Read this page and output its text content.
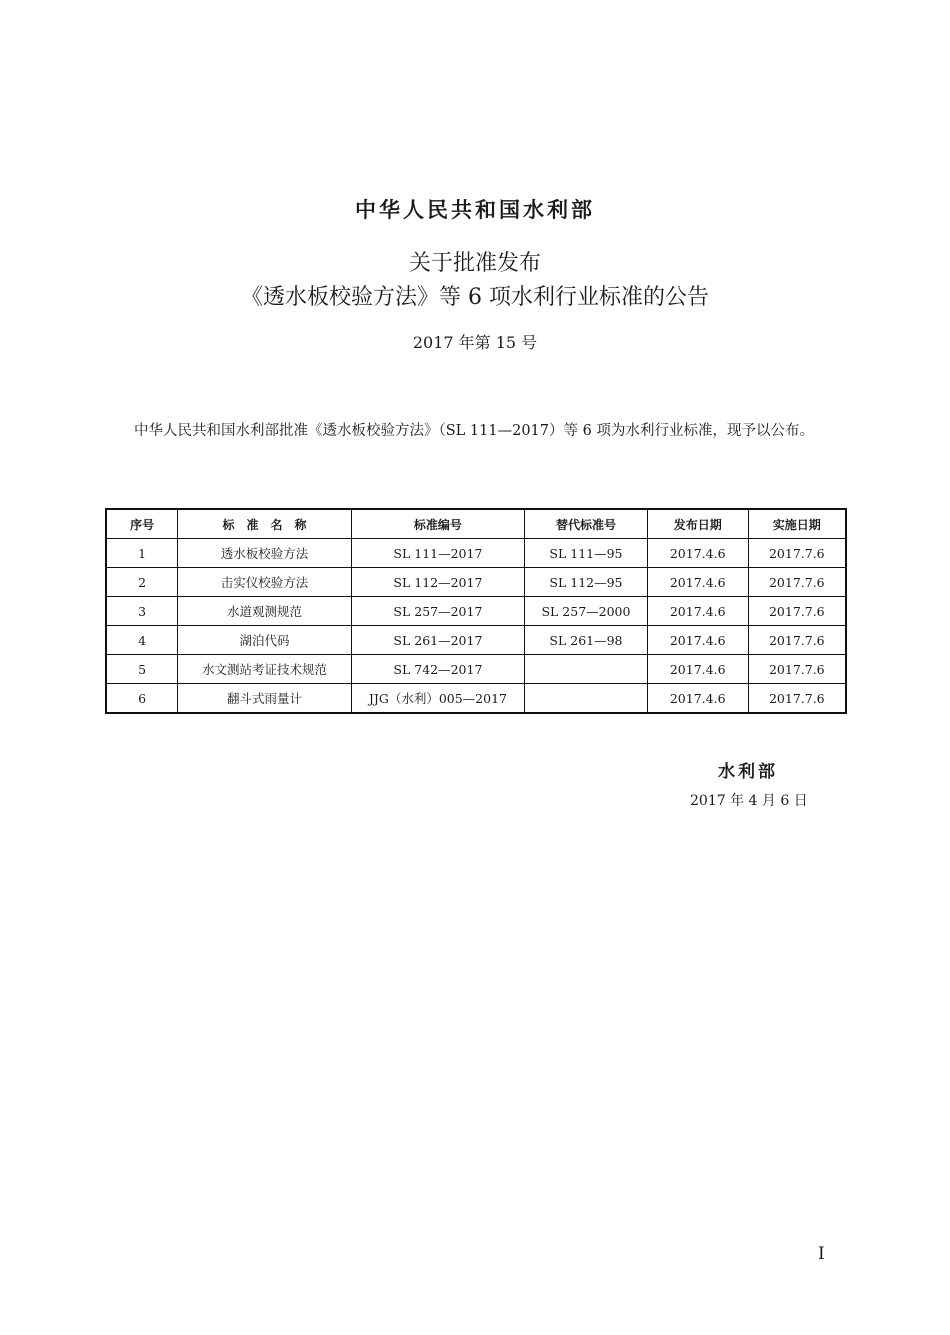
中华人民共和国水利部
关于批准发布
《透水板校验方法》等 6 项水利行业标准的公告
2017 年第 15 号

中华人民共和国水利部批准《透水板校验方法》（SL 111—2017）等 6 项为水利行业标准，现予以公布。

序号	标　准　名　称	标准编号	替代标准号	发布日期	实施日期
1	透水板校验方法	SL 111—2017	SL 111—95	2017.4.6	2017.7.6
2	击实仪校验方法	SL 112—2017	SL 112—95	2017.4.6	2017.7.6
3	水道观测规范	SL 257—2017	SL 257—2000	2017.4.6	2017.7.6
4	湖泊代码	SL 261—2017	SL 261—98	2017.4.6	2017.7.6
5	水文测站考证技术规范	SL 742—2017		2017.4.6	2017.7.6
6	翻斗式雨量计	JJG（水利）005—2017		2017.4.6	2017.7.6
水利部
2017 年 4 月 6 日
I
